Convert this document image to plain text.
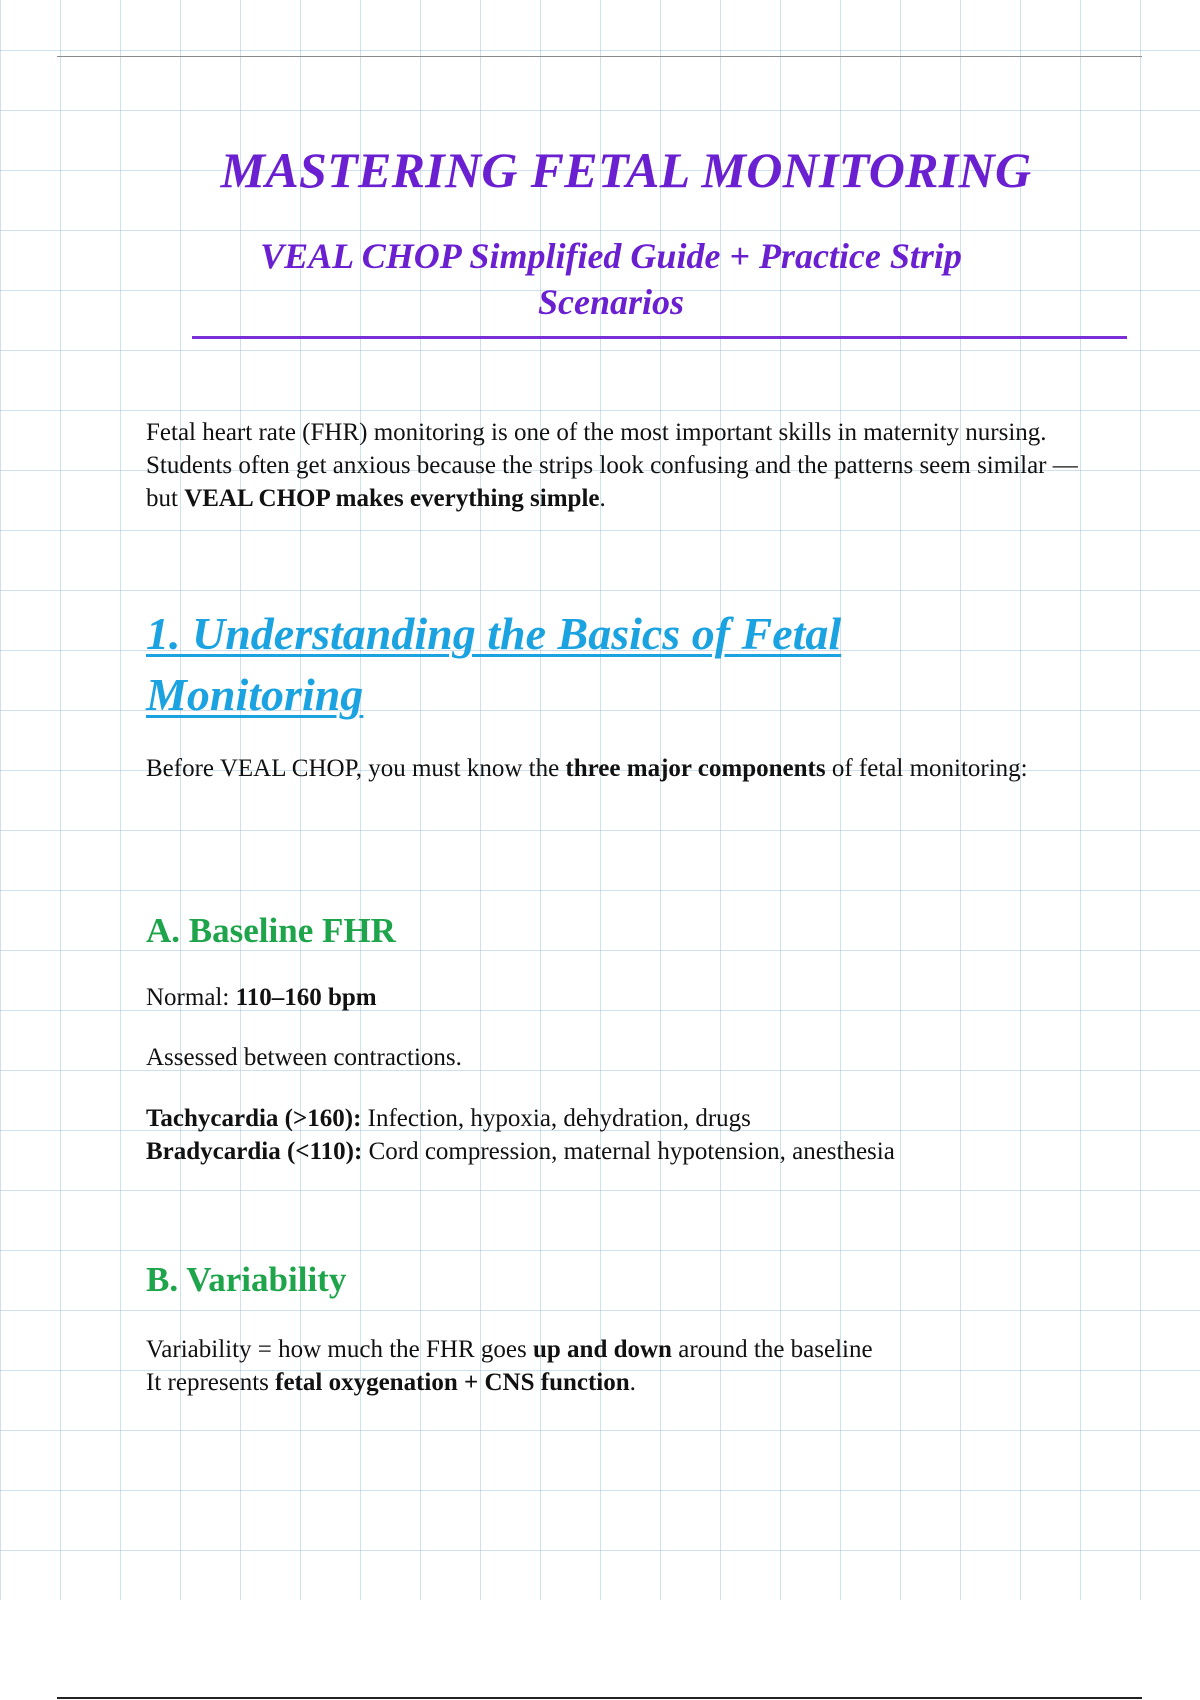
MASTERING FETAL MONITORING
VEAL CHOP Simplified Guide + Practice Strip Scenarios

Fetal heart rate (FHR) monitoring is one of the most important skills in maternity nursing. Students often get anxious because the strips look confusing and the patterns seem similar — but VEAL CHOP makes everything simple.

1. Understanding the Basics of Fetal Monitoring

Before VEAL CHOP, you must know the three major components of fetal monitoring:

A. Baseline FHR

Normal: 110–160 bpm

Assessed between contractions.

Tachycardia (>160): Infection, hypoxia, dehydration, drugs
Bradycardia (<110): Cord compression, maternal hypotension, anesthesia

B. Variability

Variability = how much the FHR goes up and down around the baseline
It represents fetal oxygenation + CNS function.
